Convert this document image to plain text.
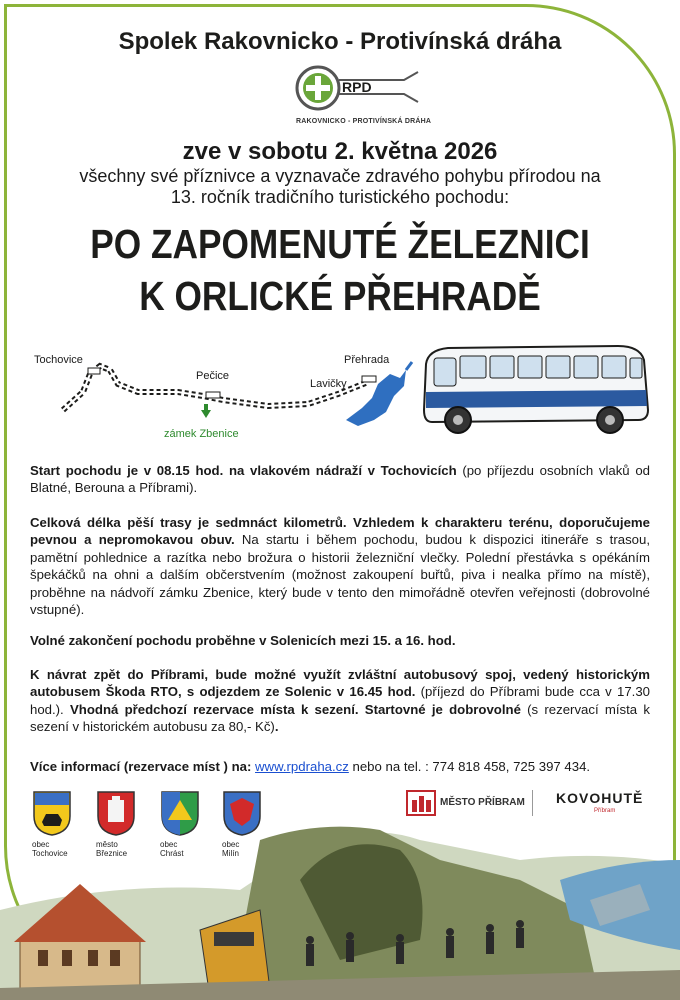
Spolek Rakovnicko - Protivínská dráha
RPD
RAKOVNICKO - PROTIVÍNSKÁ DRÁHA
zve v sobotu 2. května 2026
všechny své příznivce a vyznavače zdravého pohybu přírodou na
13. ročník tradičního turistického pochodu:
PO ZAPOMENUTÉ ŽELEZNICI
K ORLICKÉ PŘEHRADĚ
Tochovice
Pečice
Lavičky
Přehrada
zámek Zbenice
Start pochodu je v 08.15 hod. na vlakovém nádraží v Tochovicích (po příjezdu osobních vlaků od Blatné, Berouna a Příbrami).
Celková délka pěší trasy je sedmnáct kilometrů. Vzhledem k charakteru terénu, doporučujeme pevnou a nepromokavou obuv. Na startu i během pochodu, budou k dispozici itineráře s trasou, pamětní pohlednice a razítka nebo brožura o historii železniční vlečky. Polední přestávka s opékáním špekáčků na ohni a dalším občerstvením (možnost zakoupení buřtů, piva i nealka přímo na místě), proběhne na nádvoří zámku Zbenice, který bude v tento den mimořádně otevřen veřejnosti (dobrovolné vstupné).
Volné zakončení pochodu proběhne v Solenicích mezi 15. a 16. hod.
K návrat zpět do Příbrami, bude možné využít zvláštní autobusový spoj, vedený historickým autobusem Škoda RTO, s odjezdem ze Solenic v 16.45 hod. (příjezd do Příbrami bude cca v 17.30 hod.). Vhodná předchozí rezervace místa k sezení. Startovné je dobrovolné (s rezervací místa k sezení v historickém autobusu za 80,- Kč).
Více informací (rezervace míst ) na: www.rpdraha.cz nebo na tel. : 774 818 458, 725 397 434.
obec
Tochovice
město
Březnice
obec
Chrást
obec
Milín
MĚSTO PŘÍBRAM KOVOHUTĚ
Příbram
